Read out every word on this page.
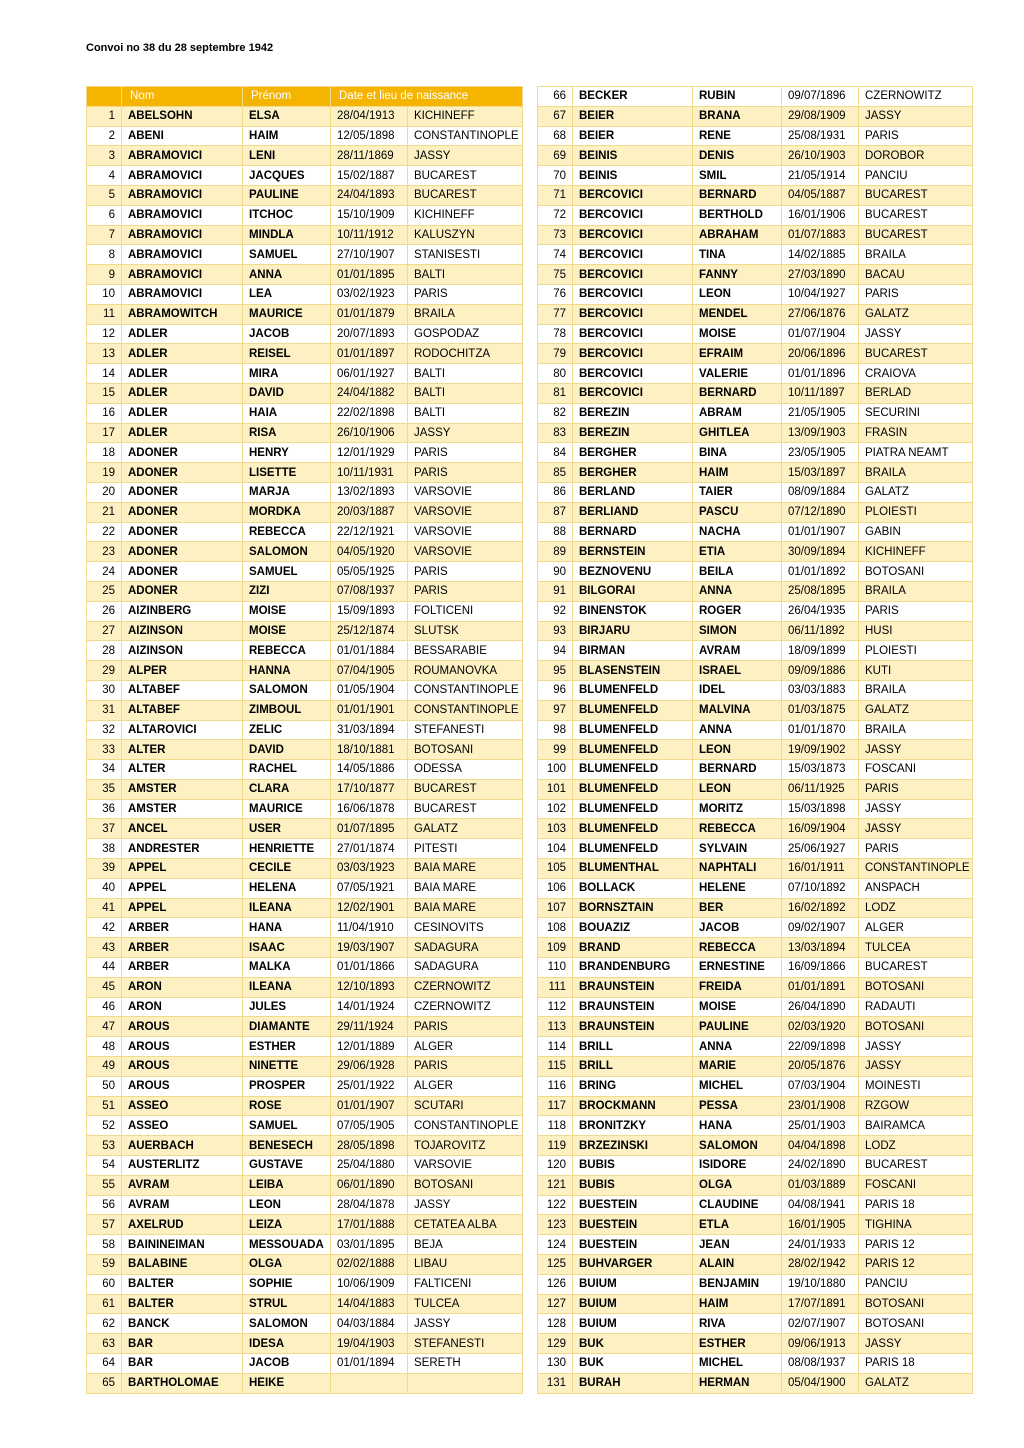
Convoi no 38 du 28 septembre 1942
	Nom	Prénom	Date et lieu de naissance	
1	ABELSOHN	ELSA	28/04/1913	KICHINEFF
2	ABENI	HAIM	12/05/1898	CONSTANTINOPLE
3	ABRAMOVICI	LENI	28/11/1869	JASSY
4	ABRAMOVICI	JACQUES	15/02/1887	BUCAREST
5	ABRAMOVICI	PAULINE	24/04/1893	BUCAREST
6	ABRAMOVICI	ITCHOC	15/10/1909	KICHINEFF
7	ABRAMOVICI	MINDLA	10/11/1912	KALUSZYN
8	ABRAMOVICI	SAMUEL	27/10/1907	STANISESTI
9	ABRAMOVICI	ANNA	01/01/1895	BALTI
10	ABRAMOVICI	LEA	03/02/1923	PARIS
11	ABRAMOWITCH	MAURICE	01/01/1879	BRAILA
12	ADLER	JACOB	20/07/1893	GOSPODAZ
13	ADLER	REISEL	01/01/1897	RODOCHITZA
14	ADLER	MIRA	06/01/1927	BALTI
15	ADLER	DAVID	24/04/1882	BALTI
16	ADLER	HAIA	22/02/1898	BALTI
17	ADLER	RISA	26/10/1906	JASSY
18	ADONER	HENRY	12/01/1929	PARIS
19	ADONER	LISETTE	10/11/1931	PARIS
20	ADONER	MARJA	13/02/1893	VARSOVIE
21	ADONER	MORDKA	20/03/1887	VARSOVIE
22	ADONER	REBECCA	22/12/1921	VARSOVIE
23	ADONER	SALOMON	04/05/1920	VARSOVIE
24	ADONER	SAMUEL	05/05/1925	PARIS
25	ADONER	ZIZI	07/08/1937	PARIS
26	AIZINBERG	MOISE	15/09/1893	FOLTICENI
27	AIZINSON	MOISE	25/12/1874	SLUTSK
28	AIZINSON	REBECCA	01/01/1884	BESSARABIE
29	ALPER	HANNA	07/04/1905	ROUMANOVKA
30	ALTABEF	SALOMON	01/05/1904	CONSTANTINOPLE
31	ALTABEF	ZIMBOUL	01/01/1901	CONSTANTINOPLE
32	ALTAROVICI	ZELIC	31/03/1894	STEFANESTI
33	ALTER	DAVID	18/10/1881	BOTOSANI
34	ALTER	RACHEL	14/05/1886	ODESSA
35	AMSTER	CLARA	17/10/1877	BUCAREST
36	AMSTER	MAURICE	16/06/1878	BUCAREST
37	ANCEL	USER	01/07/1895	GALATZ
38	ANDRESTER	HENRIETTE	27/01/1874	PITESTI
39	APPEL	CECILE	03/03/1923	BAIA MARE
40	APPEL	HELENA	07/05/1921	BAIA MARE
41	APPEL	ILEANA	12/02/1901	BAIA MARE
42	ARBER	HANA	11/04/1910	CESINOVITS
43	ARBER	ISAAC	19/03/1907	SADAGURA
44	ARBER	MALKA	01/01/1866	SADAGURA
45	ARON	ILEANA	12/10/1893	CZERNOWITZ
46	ARON	JULES	14/01/1924	CZERNOWITZ
47	AROUS	DIAMANTE	29/11/1924	PARIS
48	AROUS	ESTHER	12/01/1889	ALGER
49	AROUS	NINETTE	29/06/1928	PARIS
50	AROUS	PROSPER	25/01/1922	ALGER
51	ASSEO	ROSE	01/01/1907	SCUTARI
52	ASSEO	SAMUEL	07/05/1905	CONSTANTINOPLE
53	AUERBACH	BENESECH	28/05/1898	TOJAROVITZ
54	AUSTERLITZ	GUSTAVE	25/04/1880	VARSOVIE
55	AVRAM	LEIBA	06/01/1890	BOTOSANI
56	AVRAM	LEON	28/04/1878	JASSY
57	AXELRUD	LEIZA	17/01/1888	CETATEA ALBA
58	BAININEIMAN	MESSOUADA	03/01/1895	BEJA
59	BALABINE	OLGA	02/02/1888	LIBAU
60	BALTER	SOPHIE	10/06/1909	FALTICENI
61	BALTER	STRUL	14/04/1883	TULCEA
62	BANCK	SALOMON	04/03/1884	JASSY
63	BAR	IDESA	19/04/1903	STEFANESTI
64	BAR	JACOB	01/01/1894	SERETH
65	BARTHOLOMAE	HEIKE		
66	BECKER	RUBIN	09/07/1896	CZERNOWITZ
67	BEIER	BRANA	29/08/1909	JASSY
68	BEIER	RENE	25/08/1931	PARIS
69	BEINIS	DENIS	26/10/1903	DOROBOR
70	BEINIS	SMIL	21/05/1914	PANCIU
71	BERCOVICI	BERNARD	04/05/1887	BUCAREST
72	BERCOVICI	BERTHOLD	16/01/1906	BUCAREST
73	BERCOVICI	ABRAHAM	01/07/1883	BUCAREST
74	BERCOVICI	TINA	14/02/1885	BRAILA
75	BERCOVICI	FANNY	27/03/1890	BACAU
76	BERCOVICI	LEON	10/04/1927	PARIS
77	BERCOVICI	MENDEL	27/06/1876	GALATZ
78	BERCOVICI	MOISE	01/07/1904	JASSY
79	BERCOVICI	EFRAIM	20/06/1896	BUCAREST
80	BERCOVICI	VALERIE	01/01/1896	CRAIOVA
81	BERCOVICI	BERNARD	10/11/1897	BERLAD
82	BEREZIN	ABRAM	21/05/1905	SECURINI
83	BEREZIN	GHITLEA	13/09/1903	FRASIN
84	BERGHER	BINA	23/05/1905	PIATRA NEAMT
85	BERGHER	HAIM	15/03/1897	BRAILA
86	BERLAND	TAIER	08/09/1884	GALATZ
87	BERLIAND	PASCU	07/12/1890	PLOIESTI
88	BERNARD	NACHA	01/01/1907	GABIN
89	BERNSTEIN	ETIA	30/09/1894	KICHINEFF
90	BEZNOVENU	BEILA	01/01/1892	BOTOSANI
91	BILGORAI	ANNA	25/08/1895	BRAILA
92	BINENSTOK	ROGER	26/04/1935	PARIS
93	BIRJARU	SIMON	06/11/1892	HUSI
94	BIRMAN	AVRAM	18/09/1899	PLOIESTI
95	BLASENSTEIN	ISRAEL	09/09/1886	KUTI
96	BLUMENFELD	IDEL	03/03/1883	BRAILA
97	BLUMENFELD	MALVINA	01/03/1875	GALATZ
98	BLUMENFELD	ANNA	01/01/1870	BRAILA
99	BLUMENFELD	LEON	19/09/1902	JASSY
100	BLUMENFELD	BERNARD	15/03/1873	FOSCANI
101	BLUMENFELD	LEON	06/11/1925	PARIS
102	BLUMENFELD	MORITZ	15/03/1898	JASSY
103	BLUMENFELD	REBECCA	16/09/1904	JASSY
104	BLUMENFELD	SYLVAIN	25/06/1927	PARIS
105	BLUMENTHAL	NAPHTALI	16/01/1911	CONSTANTINOPLE
106	BOLLACK	HELENE	07/10/1892	ANSPACH
107	BORNSZTAIN	BER	16/02/1892	LODZ
108	BOUAZIZ	JACOB	09/02/1907	ALGER
109	BRAND	REBECCA	13/03/1894	TULCEA
110	BRANDENBURG	ERNESTINE	16/09/1866	BUCAREST
111	BRAUNSTEIN	FREIDA	01/01/1891	BOTOSANI
112	BRAUNSTEIN	MOISE	26/04/1890	RADAUTI
113	BRAUNSTEIN	PAULINE	02/03/1920	BOTOSANI
114	BRILL	ANNA	22/09/1898	JASSY
115	BRILL	MARIE	20/05/1876	JASSY
116	BRING	MICHEL	07/03/1904	MOINESTI
117	BROCKMANN	PESSA	23/01/1908	RZGOW
118	BRONITZKY	HANA	25/01/1903	BAIRAMCA
119	BRZEZINSKI	SALOMON	04/04/1898	LODZ
120	BUBIS	ISIDORE	24/02/1890	BUCAREST
121	BUBIS	OLGA	01/03/1889	FOSCANI
122	BUESTEIN	CLAUDINE	04/08/1941	PARIS 18
123	BUESTEIN	ETLA	16/01/1905	TIGHINA
124	BUESTEIN	JEAN	24/01/1933	PARIS 12
125	BUHVARGER	ALAIN	28/02/1942	PARIS 12
126	BUIUM	BENJAMIN	19/10/1880	PANCIU
127	BUIUM	HAIM	17/07/1891	BOTOSANI
128	BUIUM	RIVA	02/07/1907	BOTOSANI
129	BUK	ESTHER	09/06/1913	JASSY
130	BUK	MICHEL	08/08/1937	PARIS 18
131	BURAH	HERMAN	05/04/1900	GALATZ
